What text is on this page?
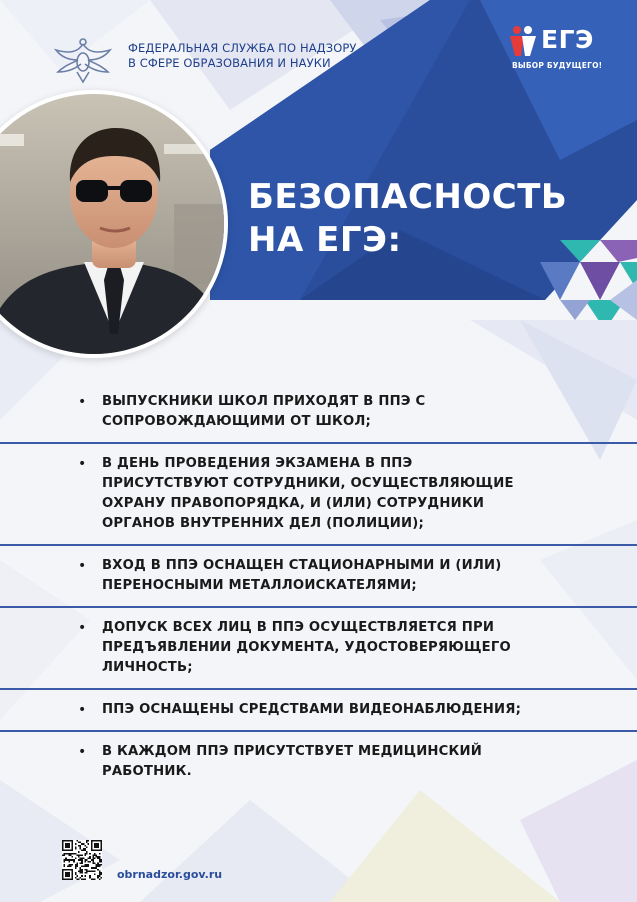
ФЕДЕРАЛЬНАЯ СЛУЖБА ПО НАДЗОРУ
В СФЕРЕ ОБРАЗОВАНИЯ И НАУКИ
ЕГЭ
ВЫБОР БУДУЩЕГО!
БЕЗОПАСНОСТЬ
НА ЕГЭ:
• ВЫПУСКНИКИ ШКОЛ ПРИХОДЯТ В ППЭ С
СОПРОВОЖДАЮЩИМИ ОТ ШКОЛ;
• В ДЕНЬ ПРОВЕДЕНИЯ ЭКЗАМЕНА В ППЭ
ПРИСУТСТВУЮТ СОТРУДНИКИ, ОСУЩЕСТВЛЯЮЩИЕ
ОХРАНУ ПРАВОПОРЯДКА, И (ИЛИ) СОТРУДНИКИ
ОРГАНОВ ВНУТРЕННИХ ДЕЛ (ПОЛИЦИИ);
• ВХОД В ППЭ ОСНАЩЕН СТАЦИОНАРНЫМИ И (ИЛИ)
ПЕРЕНОСНЫМИ МЕТАЛЛОИСКАТЕЛЯМИ;
• ДОПУСК ВСЕХ ЛИЦ В ППЭ ОСУЩЕСТВЛЯЕТСЯ ПРИ
ПРЕДЪЯВЛЕНИИ ДОКУМЕНТА, УДОСТОВЕРЯЮЩЕГО
ЛИЧНОСТЬ;
• ППЭ ОСНАЩЕНЫ СРЕДСТВАМИ ВИДЕОНАБЛЮДЕНИЯ;
• В КАЖДОМ ППЭ ПРИСУТСТВУЕТ МЕДИЦИНСКИЙ
РАБОТНИК.
obrnadzor.gov.ru
